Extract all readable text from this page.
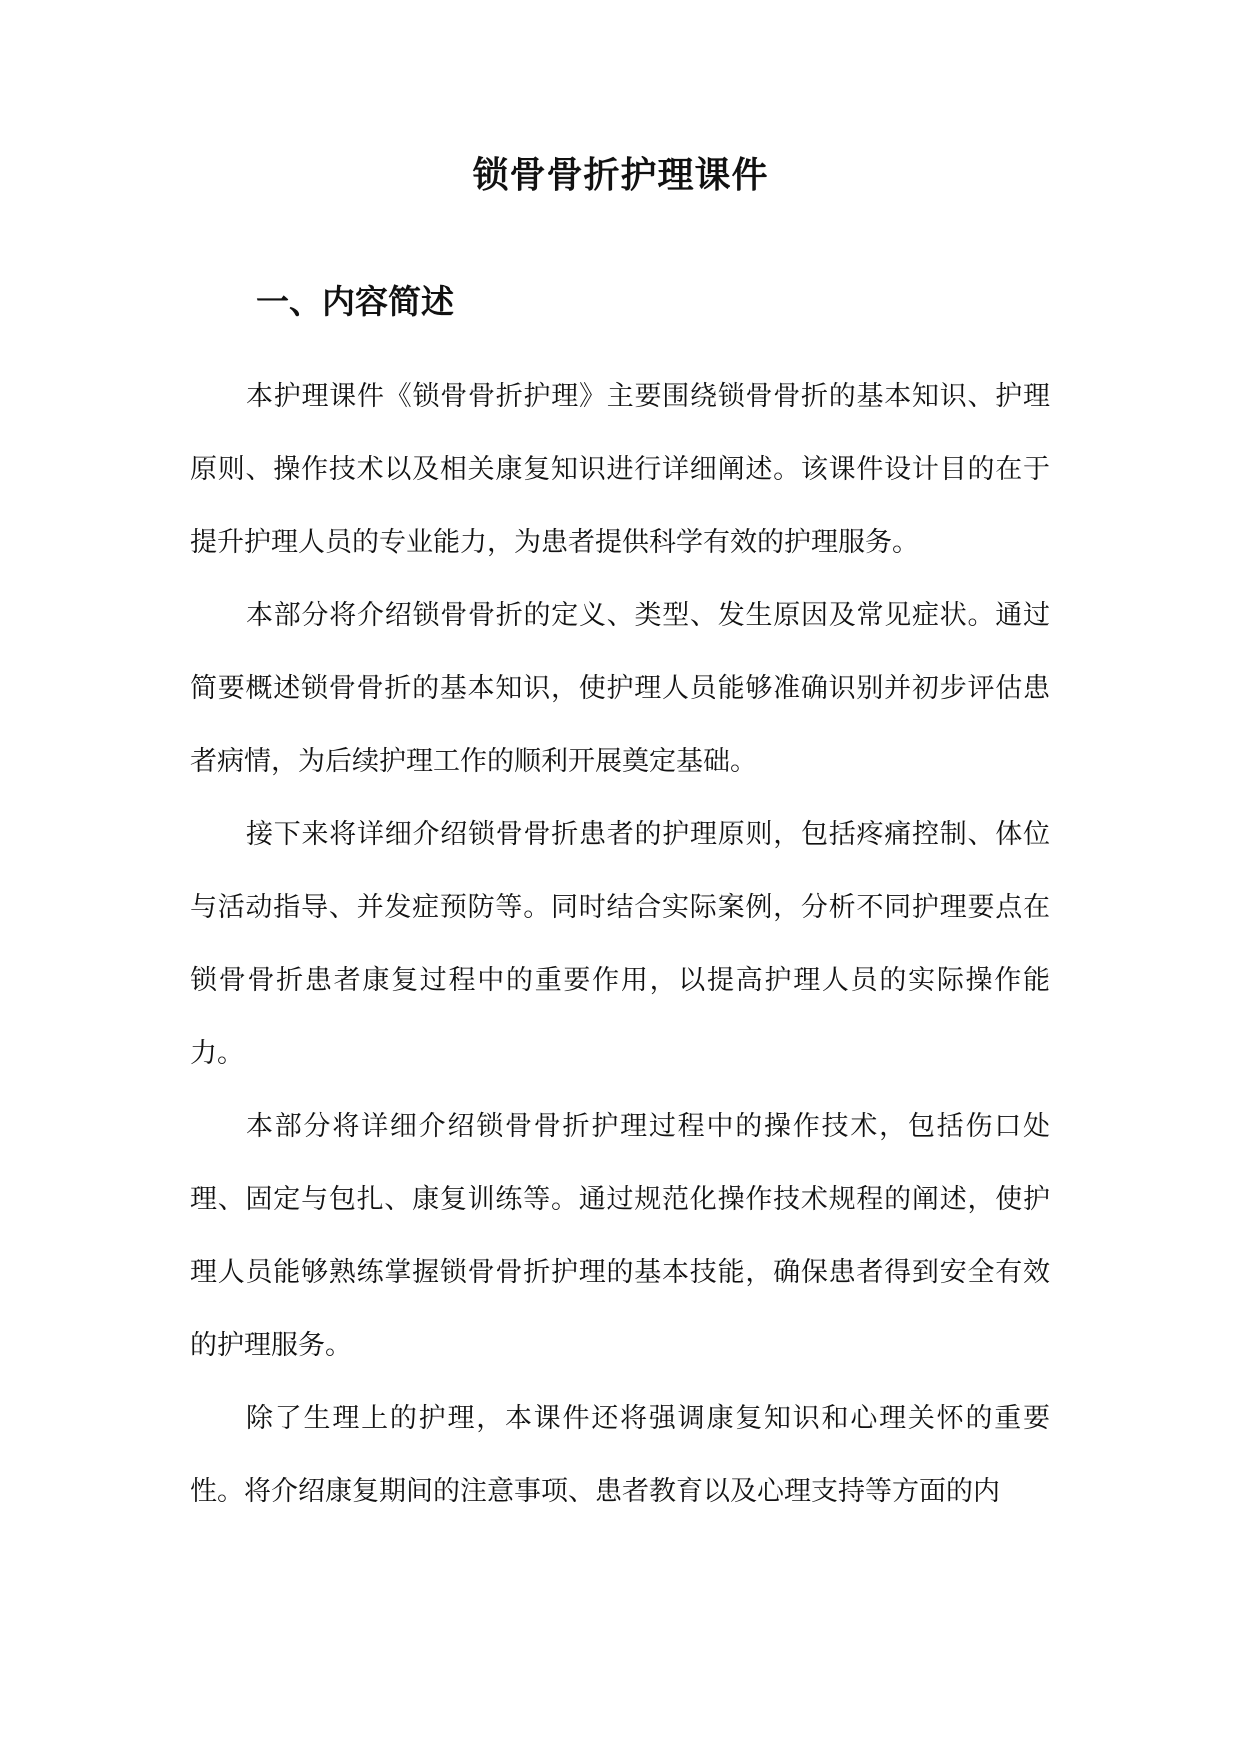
锁骨骨折护理课件
一、内容简述

本护理课件《锁骨骨折护理》主要围绕锁骨骨折的基本知识、护理原则、操作技术以及相关康复知识进行详细阐述。该课件设计目的在于提升护理人员的专业能力，为患者提供科学有效的护理服务。

本部分将介绍锁骨骨折的定义、类型、发生原因及常见症状。通过简要概述锁骨骨折的基本知识，使护理人员能够准确识别并初步评估患者病情，为后续护理工作的顺利开展奠定基础。

接下来将详细介绍锁骨骨折患者的护理原则，包括疼痛控制、体位与活动指导、并发症预防等。同时结合实际案例，分析不同护理要点在锁骨骨折患者康复过程中的重要作用，以提高护理人员的实际操作能力。

本部分将详细介绍锁骨骨折护理过程中的操作技术，包括伤口处理、固定与包扎、康复训练等。通过规范化操作技术规程的阐述，使护理人员能够熟练掌握锁骨骨折护理的基本技能，确保患者得到安全有效的护理服务。

除了生理上的护理，本课件还将强调康复知识和心理关怀的重要性。将介绍康复期间的注意事项、患者教育以及心理支持等方面的内
